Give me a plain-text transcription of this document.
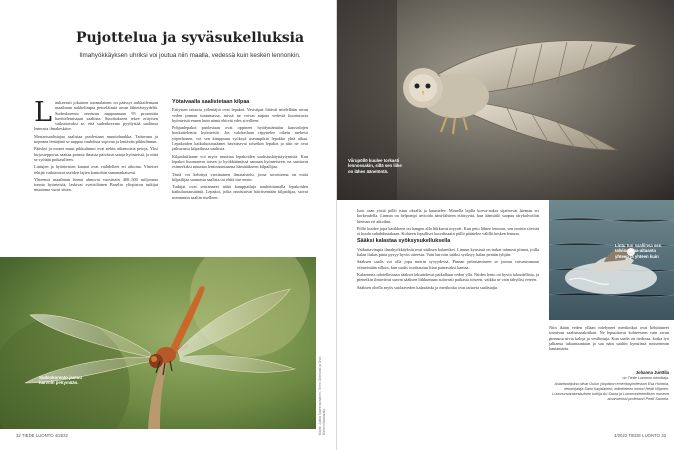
Pujottelua ja syväsukelluksia

Ilmahyökkäyksen uhriksi voi joutua niin maalla, vedessä kuin kesken lennonkin.

Luultavasti jokainen suomalainen on päässyt tarkkailemaan maailman nokkelimpia petoeläimiä aivan lähietäisyydeltä. Sudenkorento onnistuu nappaamaan 95 prosenttia havittelemistaan saaliista. Suoritukseen tekee erityisen vaikuttavaksi se, että sudenkorento pyydystää saaliinsa lennosta ilmakeskitse.

Mestarisaalistajaa saalistaa puolestaan muuttohaukka. Taitavana ja nopeana lentäjänä se nappaa vauhdista sopivan ja lentävän pikkulinnun.

Pääskyt ja monet muut pikkulinnut ovat nekin aikamoisia petoja. Yksi kirjosiepporaa saattaa poimia ilmasta päivässä satoja hyönteisiä, ja niitä se syöttää poikasilleen.

Lintujen ja hyönteisten kannat ovat vaihdelleet eri aikoina. Yhteiset tekijät vaikuttavat useiden lajien kantoihin samanaikaisesti.

Yhteensä maailman linnut ahmivat vuosittain 400–500 miljoonaa tonnia hyönteisiä, laskivat sveitsiläinen Baselin yliopiston tutkijat muutama vuosi sitten.

Yötaivaalla saalistetaan kilpaa

Erityisen taitavia yölentäjiä ovat lepakot. Vesisiipat liitävät mielellään aivan veden pinnan tuntumassa, missä ne voivat napata vedestä kuoriutuvia hyönteisiä ennen kuin nämä ehtivät edes siivilleen.

Pohjanlepakot puolestaan ovat oppineet hyödyntämään katuvalojen houkuttelemia hyönteisiä. Jos valokeilaan räpyttelee oikein mehevä yöperhonen, voi sen kimppuun syöksyä useampikin lepakko yhtä aikaa. Lepakoiden kaikuluotausäänet havaitsevat toisetkin lepakot ja niin ne ovat jatkuvassa kilpailussa saaliista.

Kilpailutilanne voi myös muuttaa lepakoiden saalistuskäyttäytymistä. Kun lepakot huomaavat toisen jo hyökkäämässä samaan hyönteiseen, ne saattavat esimerkiksi muuttaa lentosuuntaansa hämätäkseen kilpailijaa.

Tästä voi kehittyä varsinainen ilmataistelu, jossa tavoitteena on estää kilpailijaa saamasta saalista tai ehtiä itse ensin.

Tutkijat ovat seuranneet näitä kamppailuja nauhoittamalla lepakoiden kaikuluotausääniä. Lepakot, jotka onnistuivat häiritsemään kilpailijaa, saivat useammin saaliin itselleen.

Sudenkorento jaotuu harvoin pettymään.	Kuvat: Jukka Saarenoksanen, Terho Grönlund ja Ossi Kivinen/Vastavalo
32 TIEDE LUONTO 4/2022
Viirupöllö kuulee torkasti lennossakin, sillä sen liike on lähes äänetöntä.
Lintu tuo saaliinsa sen talvisatama-altaasta yhteen ja yhteen kuin

Ison osan yöstä pöllö istuu oksalla ja kuuntelee. Monella lajilla korva-aukot sijaitsevat hieman eri korkeudella. Linnun on helpompi arvioida ääni-lähteen etäisyyttä, kun äänisäilö saapuu tärykalvoihin hieman eri aikoihin.

Pöllö kuulee jopa karikkeen tai hangen alla liikkuvat myyrät. Kun peto lähtee lentoon, sen omista siivistä ei kuulu suhahdustakaan. Kohteen lopulliset koordinaatit pöllö päättelee välillä kesken lennon.

Sääksi kalastaa syöksysukelluksella

Vaikuttavimpia ilmahyökkäyksiä ovat sääksen kalaretket. Linnun kynsissä on tarkat tahmeat pinnat, joilla kalan liukas pinta pysyy hyvin otteessa. Vain harvoin sääksi syöksyy kalan perään tyhjiin.

Sääksen saalis voi olla jopa metrin syvyydessä. Pinnan pelastamiseen se joutuu vaivautumaan viimeistään silloin, kun saalis osoittautuu liian painavaksi kantaa.

Kalaonnea odotellessaan sääkset lekuttelevat paikallaan veden yllä. Niiden lento on hyvin taloudellista, ja pienetkin ilmavirrat saavat sääksen liikkumaan sulavasti paikasta toiseen, vaikka se vain tähyilisi veteen.

Sääksen ohella myös suolaaveden kalasääski ja merikotka ovat taitavia saalistajia.

Niin ikään veden ylläan mielyneet merikotkat ovat kehittäneet toimivan saalistustaktiikan. Ne lepuuttavat kohteeseen vain aivan pinnassa uivia kaloja ja vesilintuja. Kun saalis on tiedossa, kotka lyö jalkansa takaasuuntaan ja saa näin saaliin kynsiinsä nousemmin kantamatta.

Johanna Junttila
on Tiede Luonnon toimittaja.
Asiantuntijoina olivat Oulun yliopiston emeritusprofessori Esa Hohtola, tietokirjailija Sami Karjalainen, eläintieteen tohtori Heidi Viljanen, Luonnonvarakeskuksen tutkija Ari Saura ja Luonnontieteellisen museon amanuenssi professori Pertti Saurola.
4/2022 TIEDE LUONTO 33
